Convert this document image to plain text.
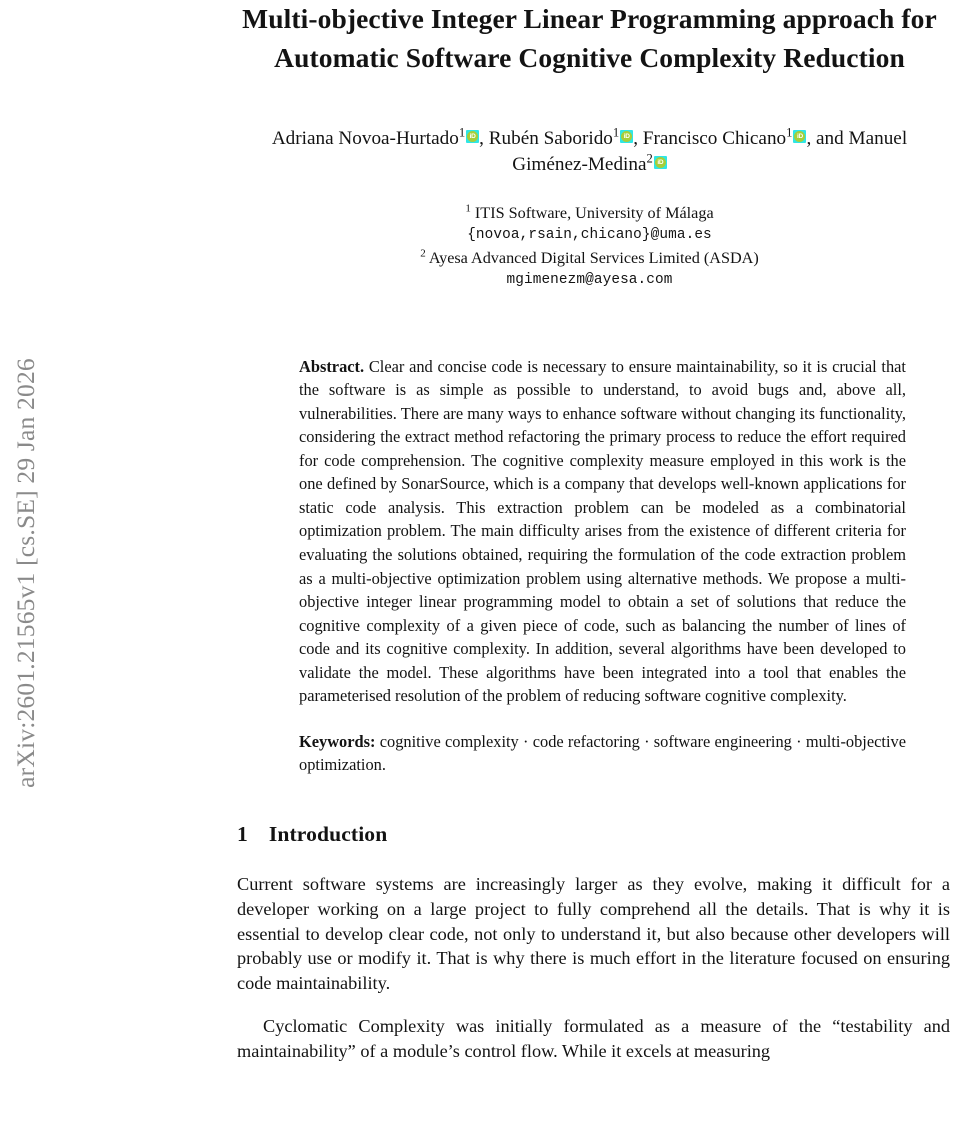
arXiv:2601.21565v1 [cs.SE] 29 Jan 2026
Multi-objective Integer Linear Programming approach for Automatic Software Cognitive Complexity Reduction
Adriana Novoa-Hurtado$^1$ iD , Rubén Saborido$^1$ iD , Francisco Chicano$^1$ iD , and Manuel Giménez-Medina$^2$
iD
$^1$ ITIS Software, University of Málaga
{novoa,rsain,chicano}@uma.es
$^2$ Ayesa Advanced Digital Services Limited (ASDA)
mgimenezm@ayesa.com
Abstract. Clear and concise code is necessary to ensure maintainability, so it is crucial that the software is as simple as possible to understand, to avoid bugs and, above all, vulnerabilities. There are many ways to enhance software without changing its functionality, considering the extract method refactoring the primary process to reduce the effort required for code comprehension. The cognitive complexity measure employed in this work is the one defined by SonarSource, which is a company that develops well-known applications for static code analysis. This extraction problem can be modeled as a combinatorial optimization problem. The main difficulty arises from the existence of different criteria for evaluating the solutions obtained, requiring the formulation of the code extraction problem as a multi-objective optimization problem using alternative methods. We propose a multi-objective integer linear programming model to obtain a set of solutions that reduce the cognitive complexity of a given piece of code, such as balancing the number of lines of code and its cognitive complexity. In addition, several algorithms have been developed to validate the model. These algorithms have been integrated into a tool that enables the parameterised resolution of the problem of reducing software cognitive complexity.
Keywords: cognitive complexity · code refactoring · software engineering · multi-objective optimization.
1 Introduction

Current software systems are increasingly larger as they evolve, making it difficult for a developer working on a large project to fully comprehend all the details. That is why it is essential to develop clear code, not only to understand it, but also because other developers will probably use or modify it. That is why there is much effort in the literature focused on ensuring code maintainability.

Cyclomatic Complexity was initially formulated as a measure of the “testability and maintainability” of a module’s control flow. While it excels at measuring
